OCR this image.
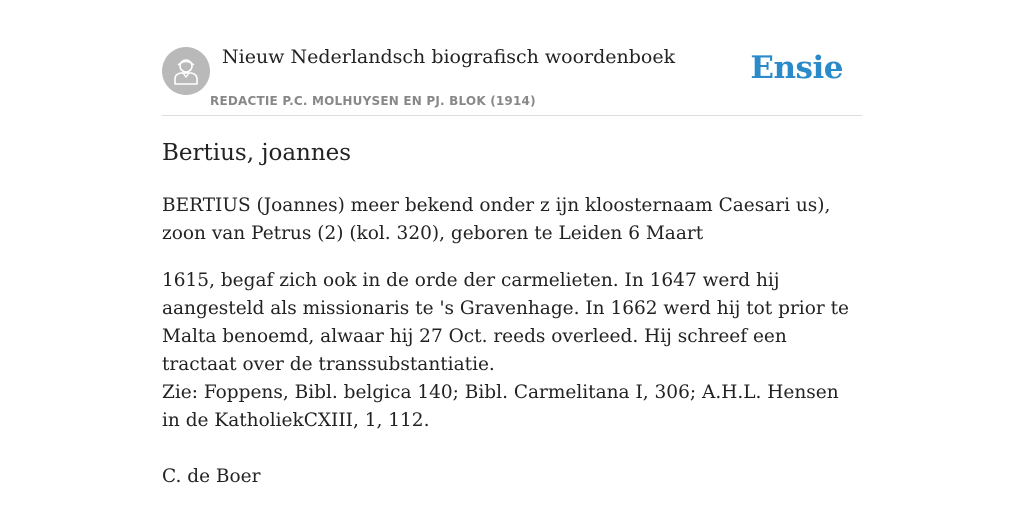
Nieuw Nederlandsch biografisch woordenboek
REDACTIE P.C. MOLHUYSEN EN PJ. BLOK (1914)
Ensie
Bertius, joannes

BERTIUS (Joannes) meer bekend onder z ijn kloosternaam Caesari us), zoon van Petrus (2) (kol. 320), geboren te Leiden 6 Maart

1615, begaf zich ook in de orde der carmelieten. In 1647 werd hij aangesteld als missionaris te 's Gravenhage. In 1662 werd hij tot prior te Malta benoemd, alwaar hij 27 Oct. reeds overleed. Hij schreef een tractaat over de transsubstantiatie.

Zie: Foppens, Bibl. belgica 140; Bibl. Carmelitana I, 306; A.H.L. Hensen in de KatholiekCXIII, 1, 112.

C. de Boer
